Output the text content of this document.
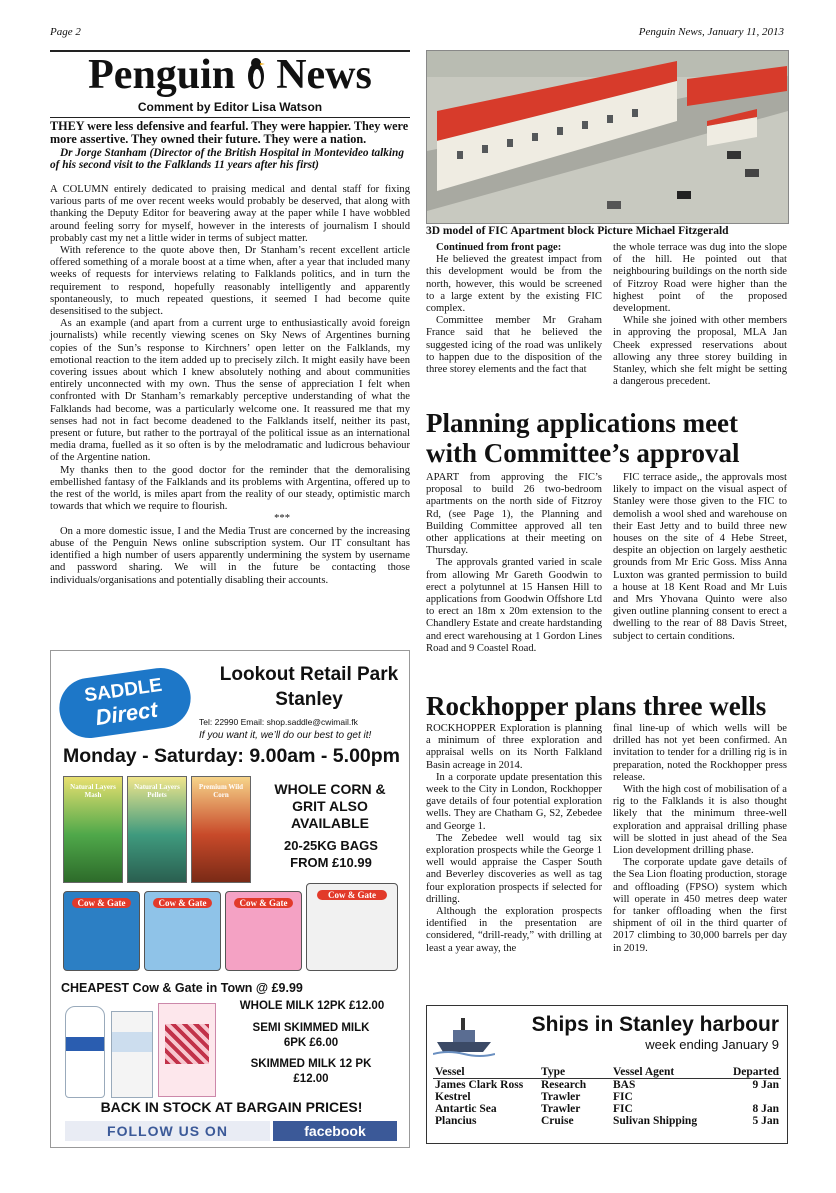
Page 2	Penguin News, January 11, 2013
Penguin News
Comment by Editor Lisa Watson
THEY were less defensive and fearful. They were happier. They were more assertive. They owned their future. They were a nation.
Dr Jorge Stanham (Director of the British Hospital in Montevideo talking of his second visit to the Falklands 11 years after his first)

A COLUMN entirely dedicated to praising medical and dental staff for fixing various parts of me over recent weeks would probably be deserved, that along with thanking the Deputy Editor for beavering away at the paper while I have wobbled around feeling sorry for myself, however in the interests of journalism I should probably cast my net a little wider in terms of subject matter.

With reference to the quote above then, Dr Stanham’s recent excellent article offered something of a morale boost at a time when, after a year that included many weeks of requests for interviews relating to Falklands politics, and in turn the requirement to respond, hopefully reasonably intelligently and apparently spontaneously, to much repeated questions, it seemed I had become quite desensitised to the subject.

As an example (and apart from a current urge to enthusiastically avoid foreign journalists) while recently viewing scenes on Sky News of Argentines burning copies of the Sun’s response to Kirchners’ open letter on the Falklands, my emotional reaction to the item added up to precisely zilch. It might easily have been covering issues about which I knew absolutely nothing and about communities entirely unconnected with my own. Thus the sense of appreciation I felt when confronted with Dr Stanham’s remarkably perceptive understanding of what the Falklands had become, was a particularly welcome one. It reassured me that my senses had not in fact become deadened to the Falklands itself, neither its past, present or future, but rather to the portrayal of the political issue as an international media drama, fuelled as it so often is by the melodramatic and ludicrous behaviour of the Argentine nation.

My thanks then to the good doctor for the reminder that the demoralising embellished fantasy of the Falklands and its problems with Argentina, offered up to the rest of the world, is miles apart from the reality of our steady, optimistic march towards that which we require to flourish.

***

On a more domestic issue, I and the Media Trust are concerned by the increasing abuse of the Penguin News online subscription system. Our IT consultant has identified a high number of users apparently undermining the system by username and password sharing. We will in the future be contacting those individuals/organisations and potentially disabling their accounts.

SADDLE
Direct
Lookout Retail Park
Stanley
Tel: 22990 Email: shop.saddle@cwimail.fk
If you want it, we’ll do our best to get it!
Monday - Saturday: 9.00am - 5.00pm
Natural Layers Mash
Natural Layers Pellets
Premium Wild Corn	WHOLE CORN & GRIT ALSO AVAILABLE
20-25KG BAGS FROM £10.99
Cow & Gate	Cow & Gate	Cow & Gate
Cow & Gate
CHEAPEST Cow & Gate in Town @ £9.99
WHOLE MILK 12PK £12.00
SEMI SKIMMED MILK 6PK £6.00
SKIMMED MILK 12 PK £12.00
BACK IN STOCK AT BARGAIN PRICES!
FOLLOW US ON	facebook
3D model of FIC Apartment block Picture Michael Fitzgerald

Continued from front page:

He believed the greatest impact from this development would be from the north, however, this would be screened to a large extent by the existing FIC complex.

Committee member Mr Graham France said that he believed the suggested icing of the road was unlikely to happen due to the disposition of the three storey elements and the fact that

the whole terrace was dug into the slope of the hill. He pointed out that neighbouring buildings on the north side of Fitzroy Road were higher than the highest point of the proposed development.

While she joined with other members in approving the proposal, MLA Jan Cheek expressed reservations about allowing any three storey building in Stanley, which she felt might be setting a dangerous precedent.

Planning applications meet with Committee’s approval

APART from approving the FIC’s proposal to build 26 two-bedroom apartments on the north side of Fitzroy Rd, (see Page 1), the Planning and Building Committee approved all ten other applications at their meeting on Thursday.

The approvals granted varied in scale from allowing Mr Gareth Goodwin to erect a polytunnel at 15 Hansen Hill to applications from Goodwin Offshore Ltd to erect an 18m x 20m extension to the Chandlery Estate and create hardstanding and erect warehousing at 1 Gordon Lines Road and 9 Coastel Road.

FIC terrace aside,, the approvals most likely to impact on the visual aspect of Stanley were those given to the FIC to demolish a wool shed and warehouse on their East Jetty and to build three new houses on the site of 4 Hebe Street, despite an objection on largely aesthetic grounds from Mr Eric Goss. Miss Anna Luxton was granted permission to build a house at 18 Kent Road and Mr Luis and Mrs Yhovana Quinto were also given outline planning consent to erect a dwelling to the rear of 88 Davis Street, subject to certain conditions.

Rockhopper plans three wells

ROCKHOPPER Exploration is planning a minimum of three exploration and appraisal wells on its North Falkland Basin acreage in 2014.

In a corporate update presentation this week to the City in London, Rockhopper gave details of four potential exploration wells. They are Chatham G, S2, Zebedee and George 1.

The Zebedee well would tag six exploration prospects while the George 1 well would appraise the Casper South and Beverley discoveries as well as tag four exploration prospects if selected for drilling.

Although the exploration prospects identified in the presentation are considered, “drill-ready,” with drilling at least a year away, the

final line-up of which wells will be drilled has not yet been confirmed. An invitation to tender for a drilling rig is in preparation, noted the Rockhopper press release.

With the high cost of mobilisation of a rig to the Falklands it is also thought likely that the minimum three-well exploration and appraisal drilling phase will be slotted in just ahead of the Sea Lion development drilling phase.

The corporate update gave details of the Sea Lion floating production, storage and offloading (FPSO) system which will operate in 450 metres deep water for tanker offloading when the first shipment of oil in the third quarter of 2017 climbing to 30,000 barrels per day in 2019.

Ships in Stanley harbour
week ending January 9
Vessel	Type	Vessel Agent	Departed
James Clark Ross	Research	BAS	9 Jan
Kestrel	Trawler	FIC	
Antartic Sea	Trawler	FIC	8 Jan
Plancius	Cruise	Sulivan Shipping	5 Jan
